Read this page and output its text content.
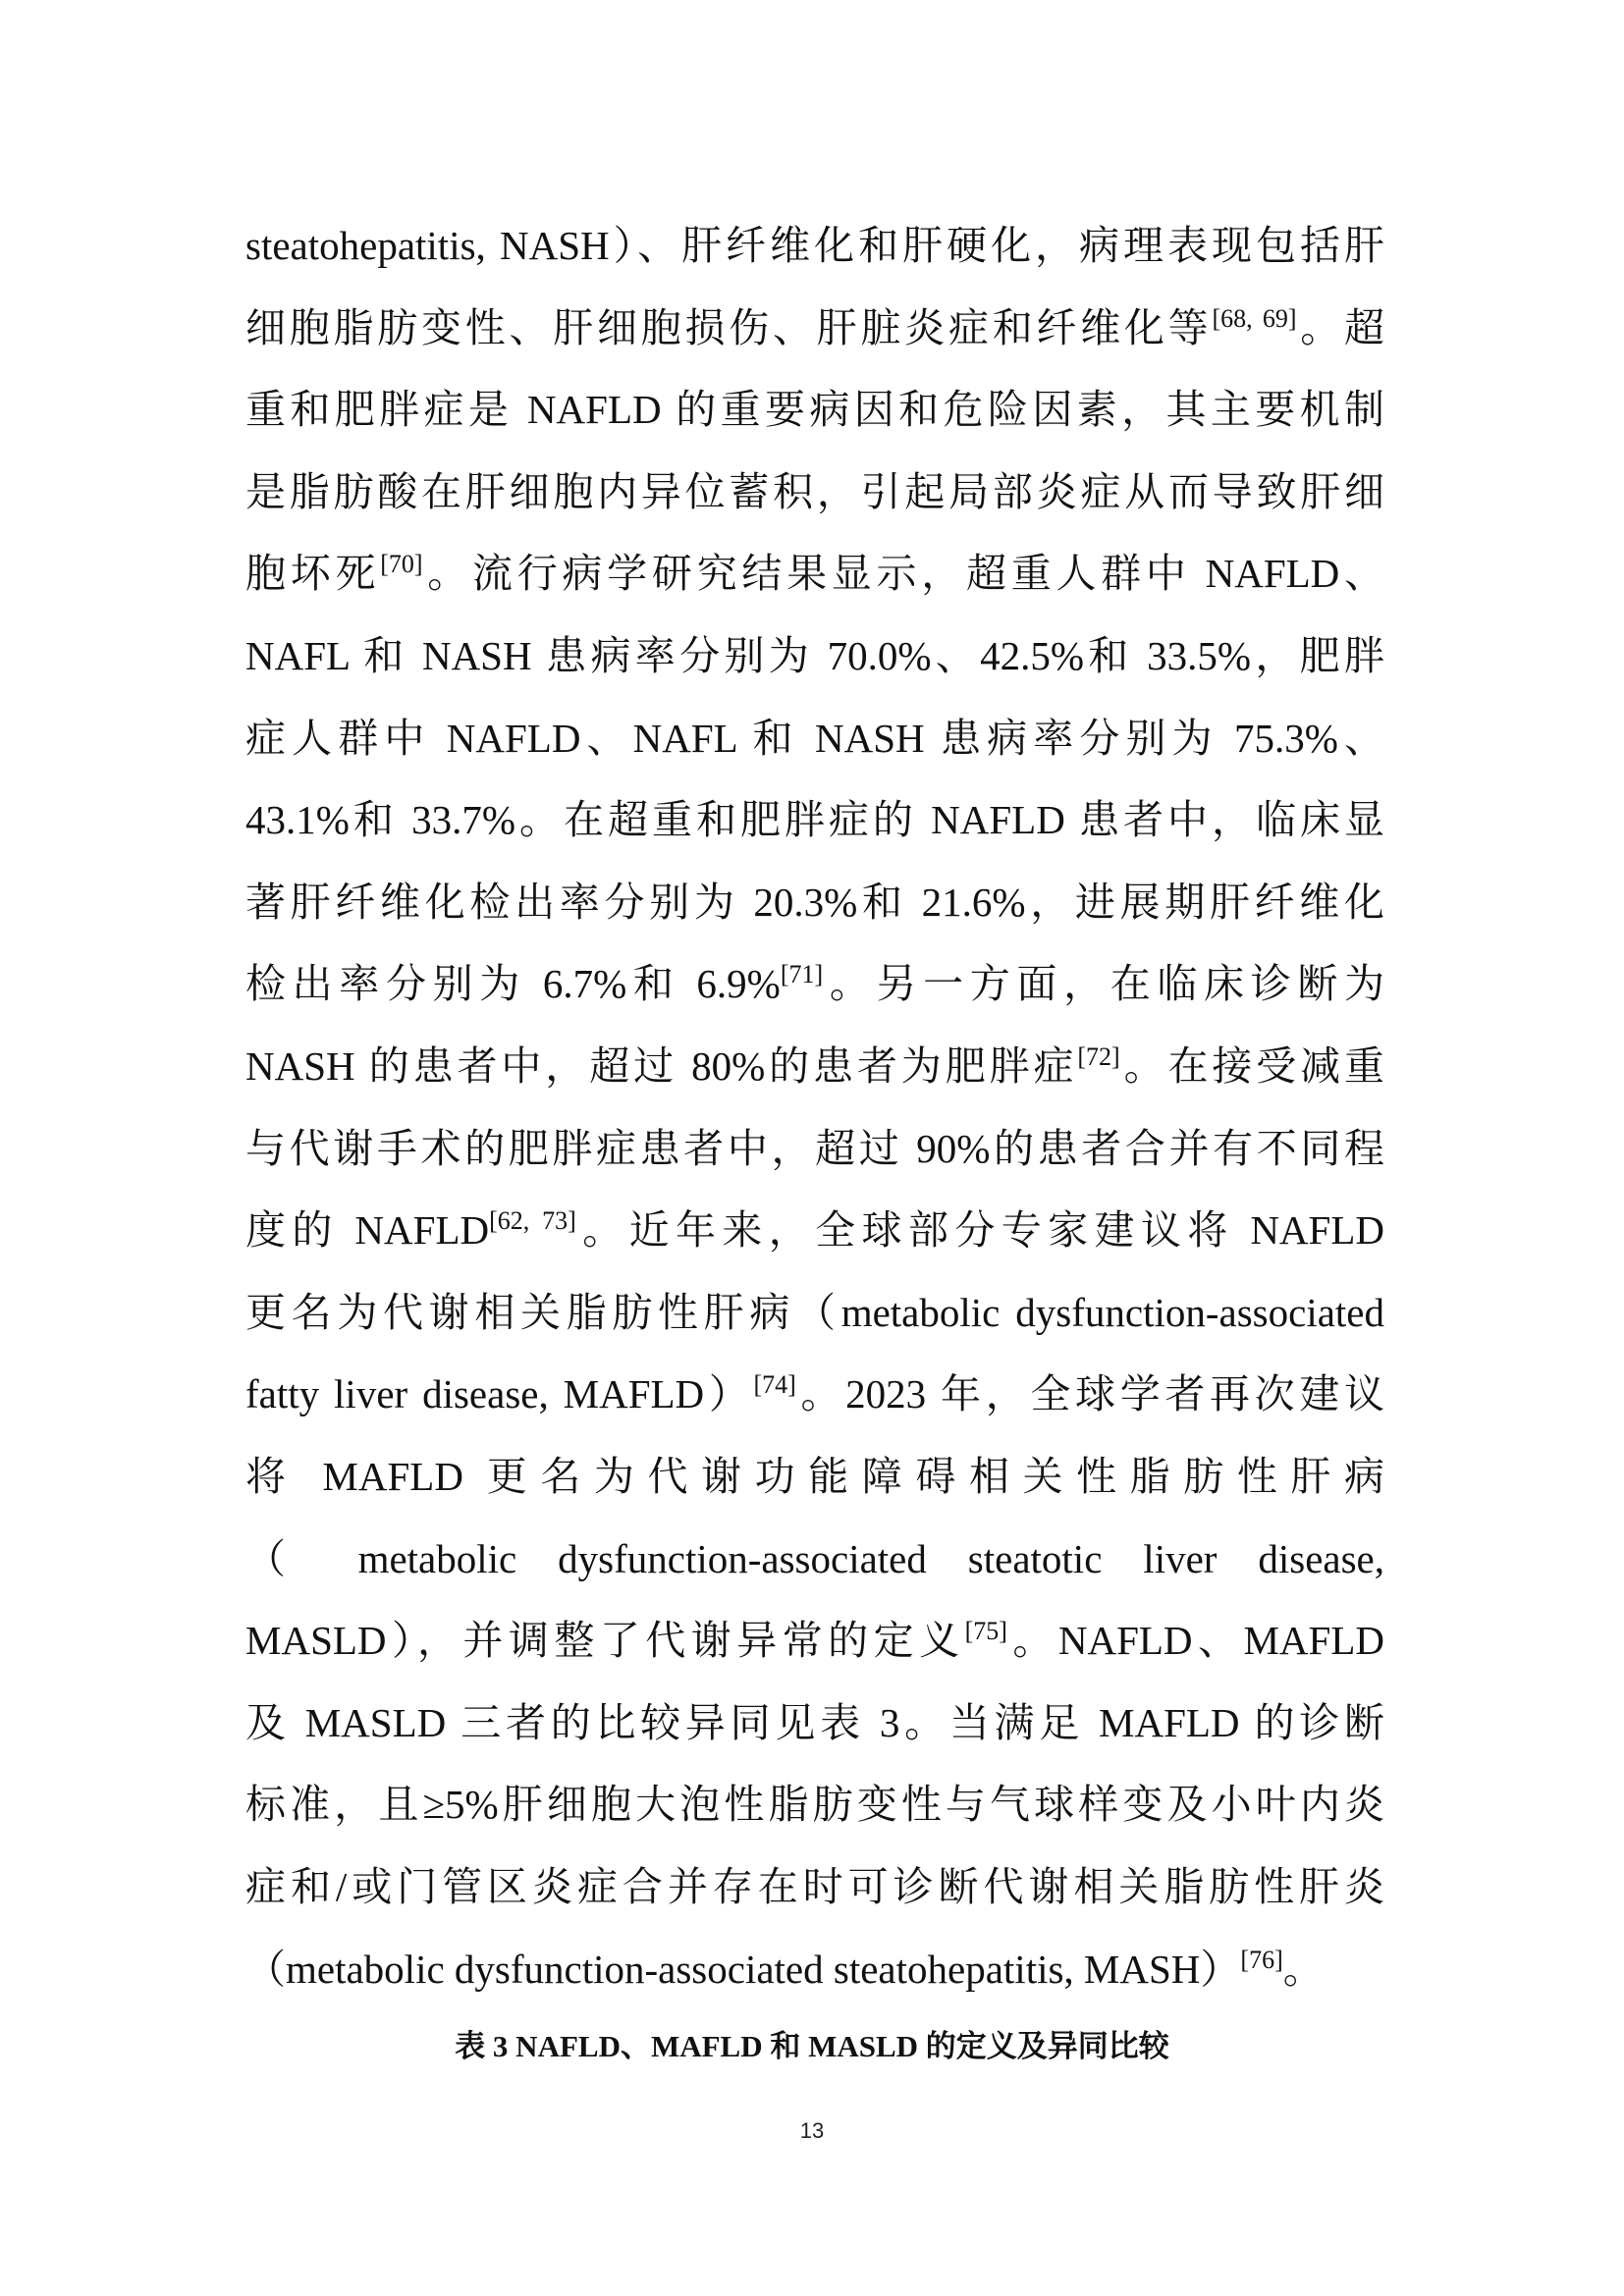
steatohepatitis, NASH）、肝纤维化和肝硬化，病理表现包括肝
细胞脂肪变性、肝细胞损伤、肝脏炎症和纤维化等[68, 69]。超
重和肥胖症是 NAFLD 的重要病因和危险因素，其主要机制
是脂肪酸在肝细胞内异位蓄积，引起局部炎症从而导致肝细
胞坏死[70]。流行病学研究结果显示，超重人群中 NAFLD、
NAFL 和 NASH 患病率分别为 70.0%、42.5%和 33.5%，肥胖
症人群中 NAFLD、NAFL 和 NASH 患病率分别为 75.3%、
43.1%和 33.7%。在超重和肥胖症的 NAFLD 患者中，临床显
著肝纤维化检出率分别为 20.3%和 21.6%，进展期肝纤维化
检出率分别为 6.7%和 6.9%[71]。另一方面，在临床诊断为
NASH 的患者中，超过 80%的患者为肥胖症[72]。在接受减重
与代谢手术的肥胖症患者中，超过 90%的患者合并有不同程
度的 NAFLD[62, 73]。近年来，全球部分专家建议将 NAFLD
更名为代谢相关脂肪性肝病（metabolic dysfunction-associated
fatty liver disease, MAFLD）[74]。2023 年，全球学者再次建议
将 MAFLD 更名为代谢功能障碍相关性脂肪性肝病
（ metabolic dysfunction-associated steatotic liver disease,
MASLD），并调整了代谢异常的定义[75]。NAFLD、MAFLD
及 MASLD 三者的比较异同见表 3。当满足 MAFLD 的诊断
标准，且≥5%肝细胞大泡性脂肪变性与气球样变及小叶内炎
症和/或门管区炎症合并存在时可诊断代谢相关脂肪性肝炎
（metabolic dysfunction-associated steatohepatitis, MASH）[76]。
表 3 NAFLD、MAFLD 和 MASLD 的定义及异同比较
13
